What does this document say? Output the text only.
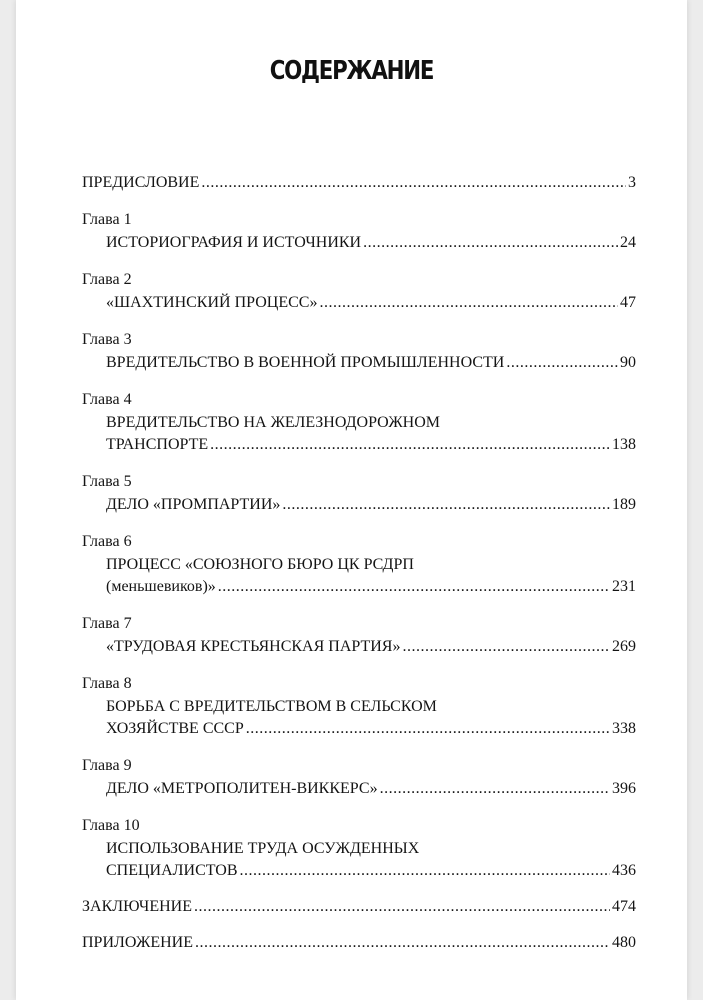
СОДЕРЖАНИЕ
ПРЕДИСЛОВИЕ .....	3
Глава 1
ИСТОРИОГРАФИЯ И ИСТОЧНИКИ .....	24
Глава 2
«ШАХТИНСКИЙ ПРОЦЕСС» .....	47
Глава 3
ВРЕДИТЕЛЬСТВО В ВОЕННОЙ ПРОМЫШЛЕННОСТИ .....	90
Глава 4
ВРЕДИТЕЛЬСТВО НА ЖЕЛЕЗНОДОРОЖНОМ
ТРАНСПОРТЕ .....	138
Глава 5
ДЕЛО «ПРОМПАРТИИ» .....	189
Глава 6
ПРОЦЕСС «СОЮЗНОГО БЮРО ЦК РСДРП
(меньшевиков)» .....	231
Глава 7
«ТРУДОВАЯ КРЕСТЬЯНСКАЯ ПАРТИЯ» .....	269
Глава 8
БОРЬБА С ВРЕДИТЕЛЬСТВОМ В СЕЛЬСКОМ
ХОЗЯЙСТВЕ СССР .....	338
Глава 9
ДЕЛО «МЕТРОПОЛИТЕН-ВИККЕРС» .....	396
Глава 10
ИСПОЛЬЗОВАНИЕ ТРУДА ОСУЖДЕННЫХ
СПЕЦИАЛИСТОВ .....	436
ЗАКЛЮЧЕНИЕ .....	474
ПРИЛОЖЕНИЕ .....	480
